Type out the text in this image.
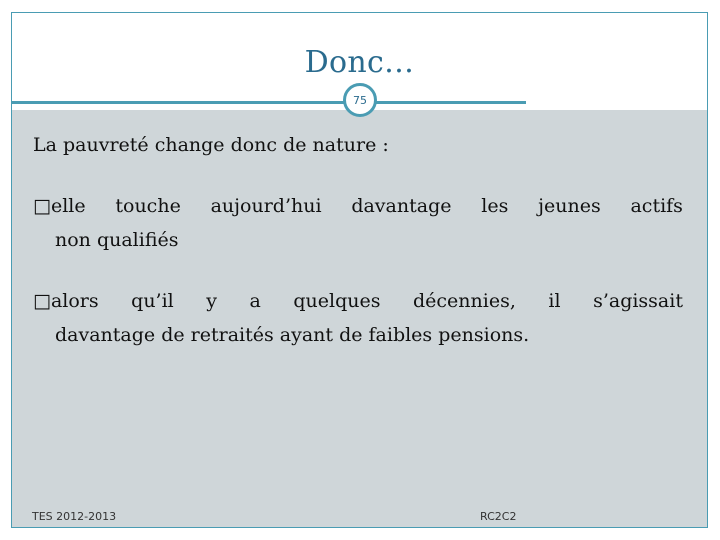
Donc…
75
La pauvreté change donc de nature :
□elle touche aujourd’hui davantage les jeunes actifs
non qualifiés
□alors qu’il y a quelques décennies, il s’agissait
davantage de retraités ayant de faibles pensions.
TES 2012-2013	RC2C2
